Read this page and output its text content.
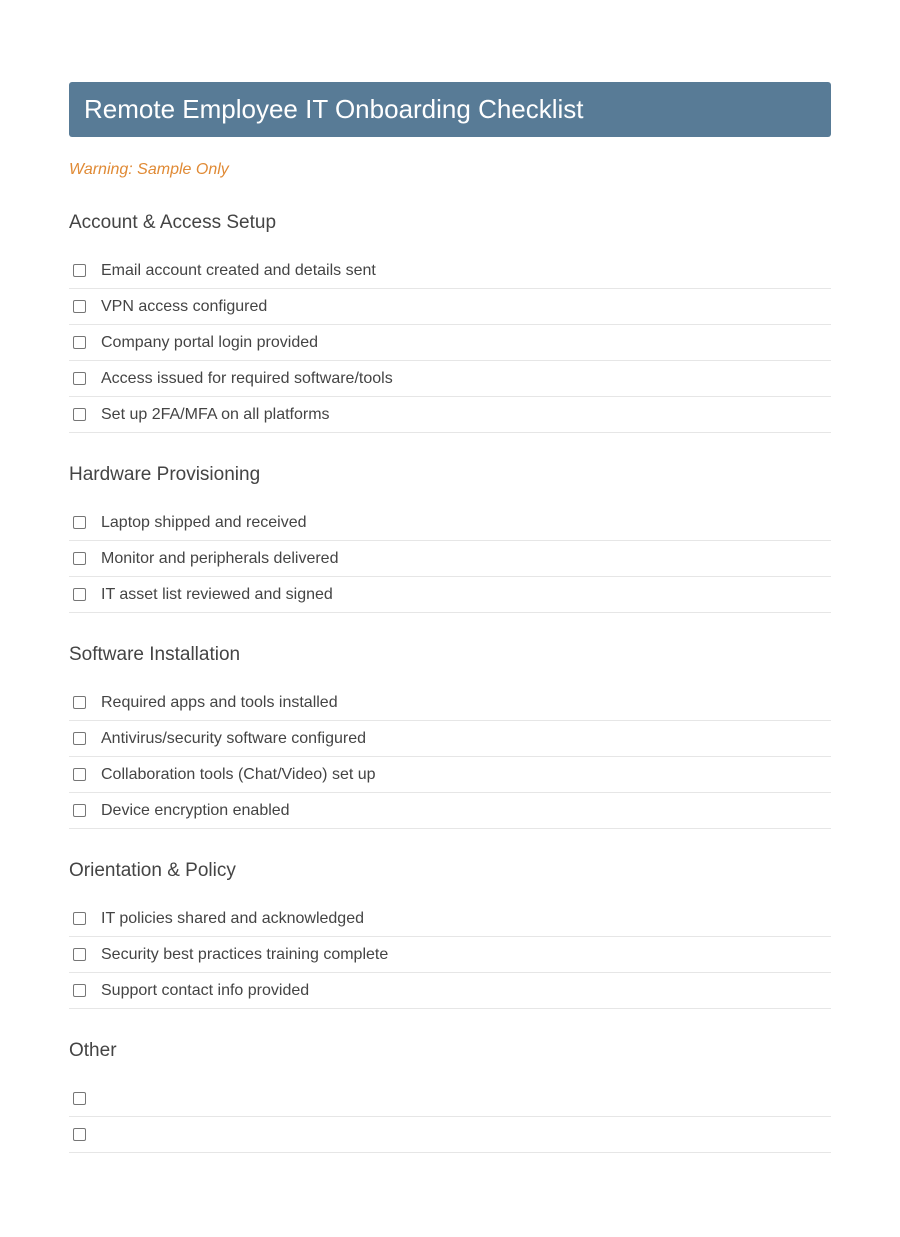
Remote Employee IT Onboarding Checklist
Warning: Sample Only
Account & Access Setup
Email account created and details sent
VPN access configured
Company portal login provided
Access issued for required software/tools
Set up 2FA/MFA on all platforms
Hardware Provisioning
Laptop shipped and received
Monitor and peripherals delivered
IT asset list reviewed and signed
Software Installation
Required apps and tools installed
Antivirus/security software configured
Collaboration tools (Chat/Video) set up
Device encryption enabled
Orientation & Policy
IT policies shared and acknowledged
Security best practices training complete
Support contact info provided
Other
